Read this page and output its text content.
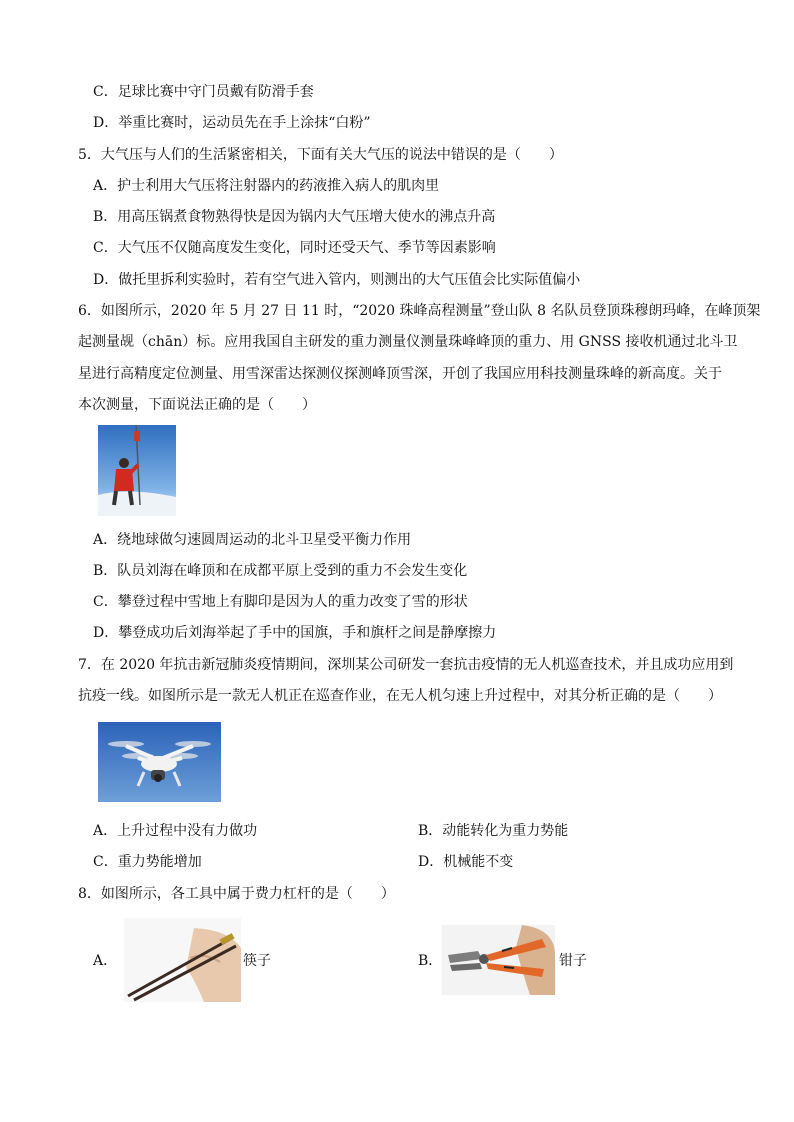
C．足球比赛中守门员戴有防滑手套
D．举重比赛时，运动员先在手上涂抹“白粉”
5．大气压与人们的生活紧密相关，下面有关大气压的说法中错误的是（　　）
A．护士利用大气压将注射器内的药液推入病人的肌肉里
B．用高压锅煮食物熟得快是因为锅内大气压增大使水的沸点升高
C．大气压不仅随高度发生变化，同时还受天气、季节等因素影响
D．做托里拆利实验时，若有空气进入管内，则测出的大气压值会比实际值偏小
6．如图所示，2020 年 5 月 27 日 11 时，“2020 珠峰高程测量”登山队 8 名队员登顶珠穆朗玛峰，在峰顶架
起测量觇（chān）标。应用我国自主研发的重力测量仪测量珠峰峰顶的重力、用 GNSS 接收机通过北斗卫
星进行高精度定位测量、用雪深雷达探测仪探测峰顶雪深，开创了我国应用科技测量珠峰的新高度。关于
本次测量，下面说法正确的是（　　）
A．绕地球做匀速圆周运动的北斗卫星受平衡力作用
B．队员刘海在峰顶和在成都平原上受到的重力不会发生变化
C．攀登过程中雪地上有脚印是因为人的重力改变了雪的形状
D．攀登成功后刘海举起了手中的国旗，手和旗杆之间是静摩擦力
7．在 2020 年抗击新冠肺炎疫情期间，深圳某公司研发一套抗击疫情的无人机巡查技术，并且成功应用到
抗疫一线。如图所示是一款无人机正在巡查作业，在无人机匀速上升过程中，对其分析正确的是（　　）
A．上升过程中没有力做功	B．动能转化为重力势能
C．重力势能增加	D．机械能不变
8．如图所示，各工具中属于费力杠杆的是（　　）
A．	筷子	B．	钳子
